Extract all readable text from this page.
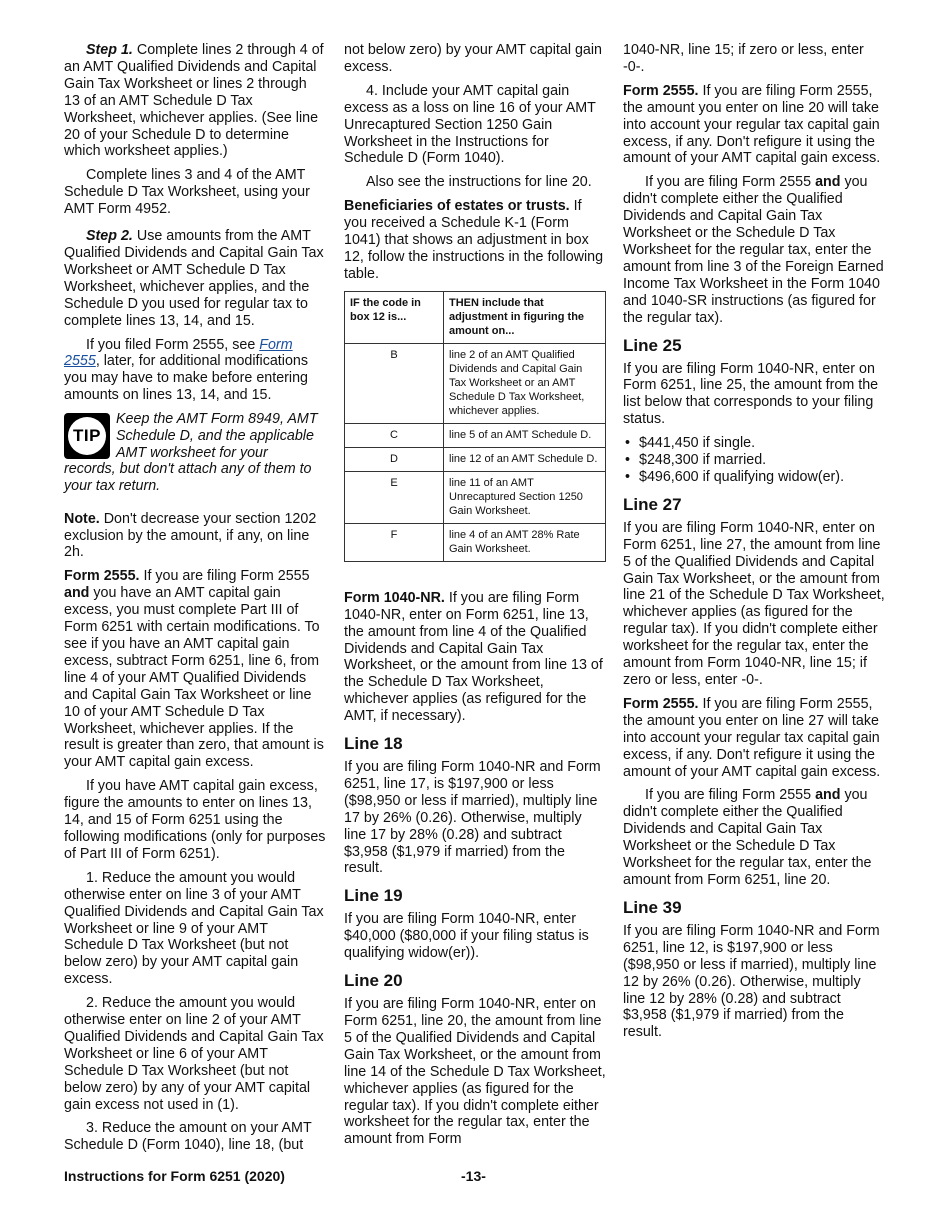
Step 1. Complete lines 2 through 4 of an AMT Qualified Dividends and Capital Gain Tax Worksheet or lines 2 through 13 of an AMT Schedule D Tax Worksheet, whichever applies. (See line 20 of your Schedule D to determine which worksheet applies.)

Complete lines 3 and 4 of the AMT Schedule D Tax Worksheet, using your AMT Form 4952.

Step 2. Use amounts from the AMT Qualified Dividends and Capital Gain Tax Worksheet or AMT Schedule D Tax Worksheet, whichever applies, and the Schedule D you used for regular tax to complete lines 13, 14, and 15.

If you filed Form 2555, see Form 2555, later, for additional modifications you may have to make before entering amounts on lines 13, 14, and 15.

TIP
Keep the AMT Form 8949, AMT Schedule D, and the applicable AMT worksheet for your

records, but don't attach any of them to your tax return.

Note. Don't decrease your section 1202 exclusion by the amount, if any, on line 2h.

Form 2555. If you are filing Form 2555 and you have an AMT capital gain excess, you must complete Part III of Form 6251 with certain modifications. To see if you have an AMT capital gain excess, subtract Form 6251, line 6, from line 4 of your AMT Qualified Dividends and Capital Gain Tax Worksheet or line 10 of your AMT Schedule D Tax Worksheet, whichever applies. If the result is greater than zero, that amount is your AMT capital gain excess.

If you have AMT capital gain excess, figure the amounts to enter on lines 13, 14, and 15 of Form 6251 using the following modifications (only for purposes of Part III of Form 6251).

1. Reduce the amount you would otherwise enter on line 3 of your AMT Qualified Dividends and Capital Gain Tax Worksheet or line 9 of your AMT Schedule D Tax Worksheet (but not below zero) by your AMT capital gain excess.

2. Reduce the amount you would otherwise enter on line 2 of your AMT Qualified Dividends and Capital Gain Tax Worksheet or line 6 of your AMT Schedule D Tax Worksheet (but not below zero) by any of your AMT capital gain excess not used in (1).

3. Reduce the amount on your AMT Schedule D (Form 1040), line 18, (but

not below zero) by your AMT capital gain excess.

4. Include your AMT capital gain excess as a loss on line 16 of your AMT Unrecaptured Section 1250 Gain Worksheet in the Instructions for Schedule D (Form 1040).

Also see the instructions for line 20.

Beneficiaries of estates or trusts. If you received a Schedule K-1 (Form 1041) that shows an adjustment in box 12, follow the instructions in the following table.

IF the code in box 12 is...	THEN include that adjustment in figuring the amount on...
B	line 2 of an AMT Qualified Dividends and Capital Gain Tax Worksheet or an AMT Schedule D Tax Worksheet, whichever applies.
C	line 5 of an AMT Schedule D.
D	line 12 of an AMT Schedule D.
E	line 11 of an AMT Unrecaptured Section 1250 Gain Worksheet.
F	line 4 of an AMT 28% Rate Gain Worksheet.

Form 1040-NR. If you are filing Form 1040-NR, enter on Form 6251, line 13, the amount from line 4 of the Qualified Dividends and Capital Gain Tax Worksheet, or the amount from line 13 of the Schedule D Tax Worksheet, whichever applies (as refigured for the AMT, if necessary).

Line 18

If you are filing Form 1040-NR and Form 6251, line 17, is $197,900 or less ($98,950 or less if married), multiply line 17 by 26% (0.26). Otherwise, multiply line 17 by 28% (0.28) and subtract $3,958 ($1,979 if married) from the result.

Line 19

If you are filing Form 1040-NR, enter $40,000 ($80,000 if your filing status is qualifying widow(er)).

Line 20

If you are filing Form 1040-NR, enter on Form 6251, line 20, the amount from line 5 of the Qualified Dividends and Capital Gain Tax Worksheet, or the amount from line 14 of the Schedule D Tax Worksheet, whichever applies (as figured for the regular tax). If you didn't complete either worksheet for the regular tax, enter the amount from Form

1040-NR, line 15; if zero or less, enter -0-.

Form 2555. If you are filing Form 2555, the amount you enter on line 20 will take into account your regular tax capital gain excess, if any. Don't refigure it using the amount of your AMT capital gain excess.

If you are filing Form 2555 and you didn't complete either the Qualified Dividends and Capital Gain Tax Worksheet or the Schedule D Tax Worksheet for the regular tax, enter the amount from line 3 of the Foreign Earned Income Tax Worksheet in the Form 1040 and 1040-SR instructions (as figured for the regular tax).

Line 25

If you are filing Form 1040-NR, enter on Form 6251, line 25, the amount from the list below that corresponds to your filing status.

• $441,450 if single.
• $248,300 if married.
• $496,600 if qualifying widow(er).
Line 27

If you are filing Form 1040-NR, enter on Form 6251, line 27, the amount from line 5 of the Qualified Dividends and Capital Gain Tax Worksheet, or the amount from line 21 of the Schedule D Tax Worksheet, whichever applies (as figured for the regular tax). If you didn't complete either worksheet for the regular tax, enter the amount from Form 1040-NR, line 15; if zero or less, enter -0-.

Form 2555. If you are filing Form 2555, the amount you enter on line 27 will take into account your regular tax capital gain excess, if any. Don't refigure it using the amount of your AMT capital gain excess.

If you are filing Form 2555 and you didn't complete either the Qualified Dividends and Capital Gain Tax Worksheet or the Schedule D Tax Worksheet for the regular tax, enter the amount from Form 6251, line 20.

Line 39

If you are filing Form 1040-NR and Form 6251, line 12, is $197,900 or less ($98,950 or less if married), multiply line 12 by 26% (0.26). Otherwise, multiply line 12 by 28% (0.28) and subtract $3,958 ($1,979 if married) from the result.

Instructions for Form 6251 (2020)	-13-
